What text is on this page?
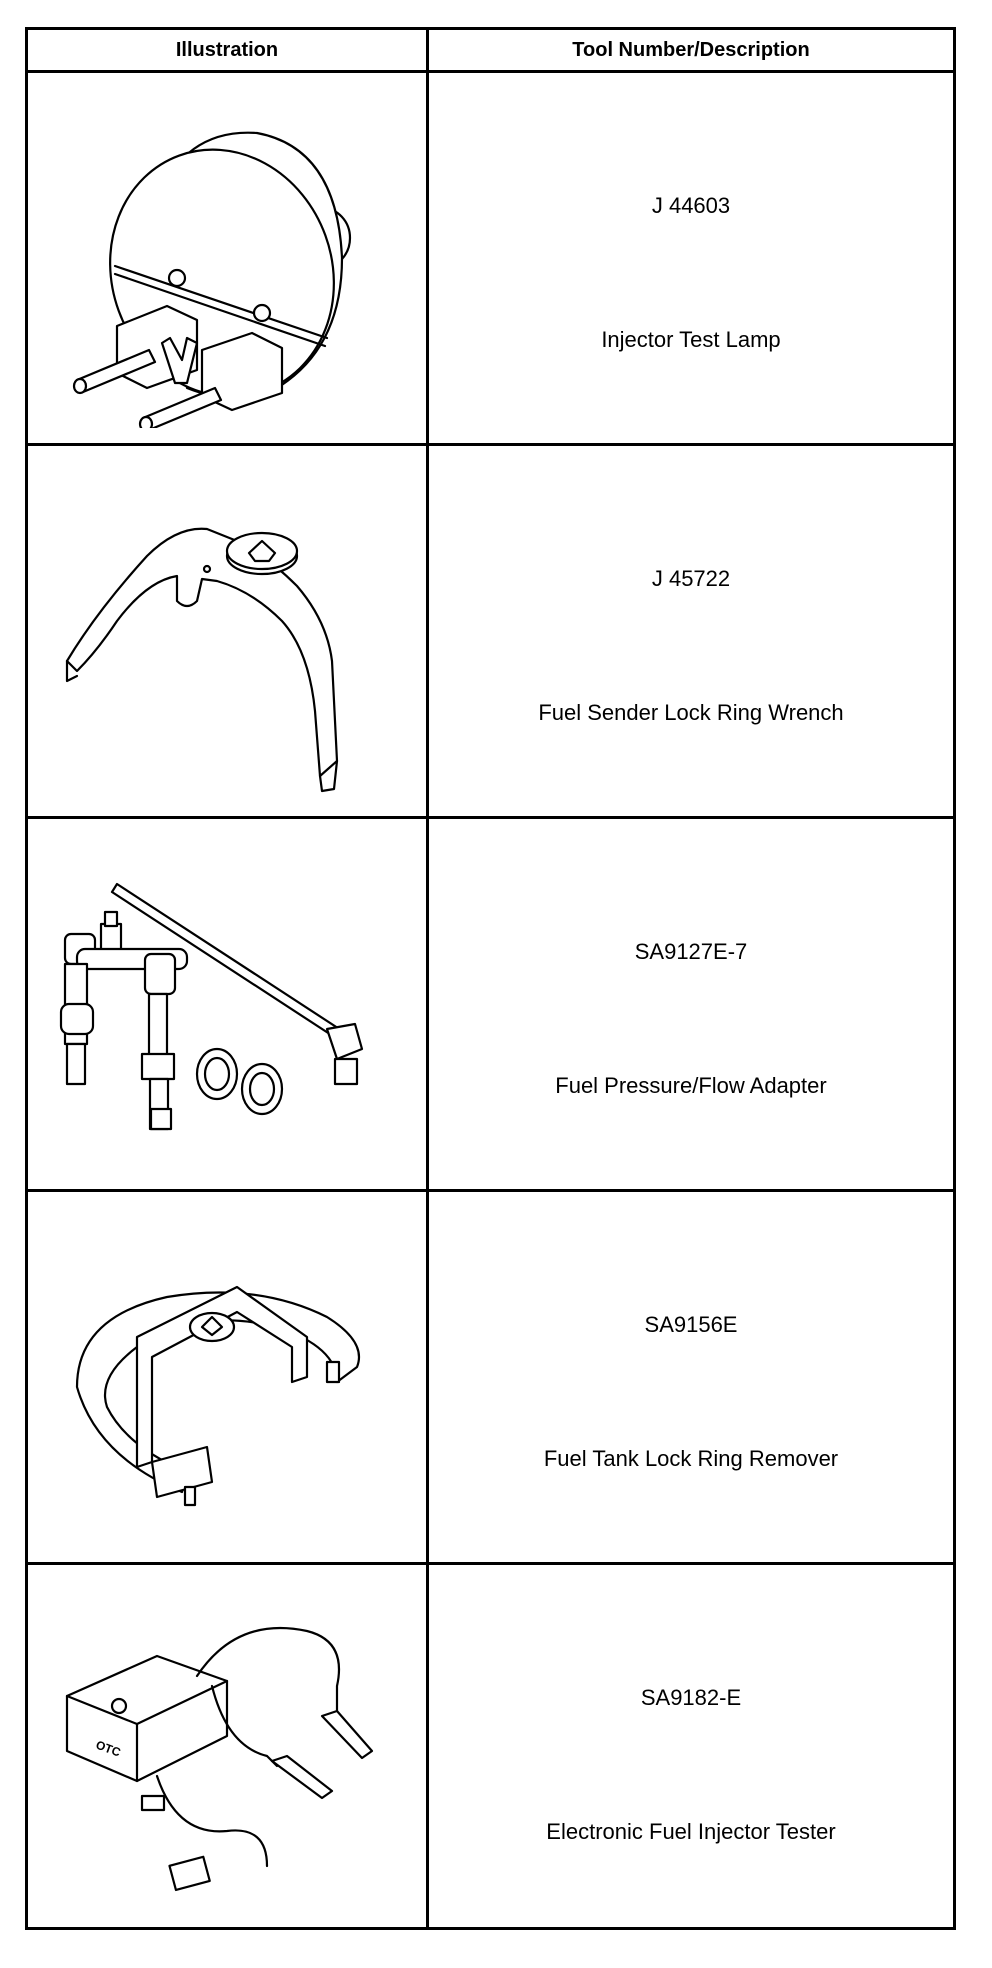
Illustration	Tool Number/Description
J 44603
Injector Test Lamp
J 45722
Fuel Sender Lock Ring Wrench
SA9127E-7
Fuel Pressure/Flow Adapter
SA9156E
Fuel Tank Lock Ring Remover
OTC
SA9182-E
Electronic Fuel Injector Tester
